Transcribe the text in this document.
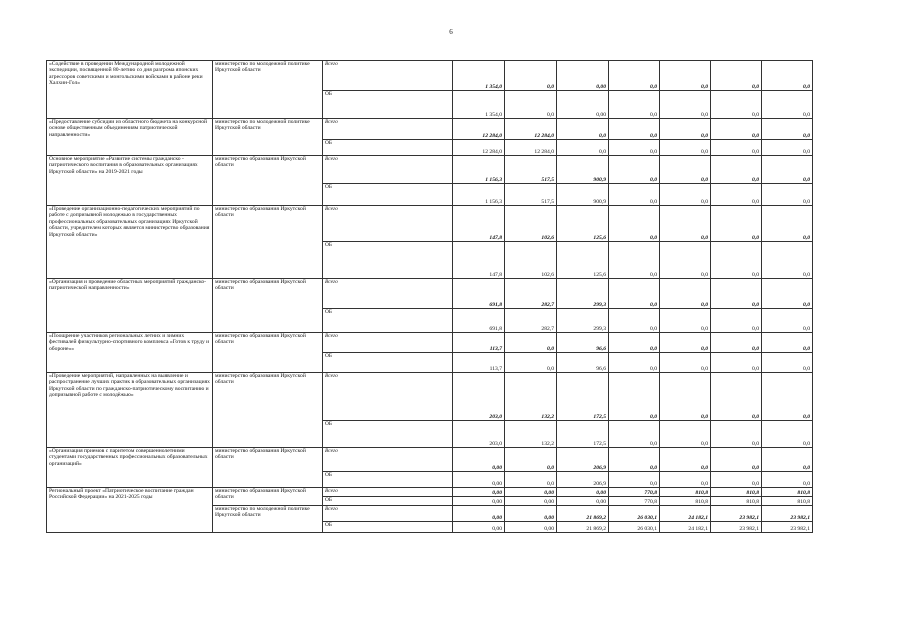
6
«Содействие в проведении Международной молодежной экспедиции, посвященной 80-летию со дня разгрома японских агрессоров советскими и монгольскими войсками в районе реки Халхин-Гол»	министерство по молодежной политике Иркутской области	Всего	1 354,0	0,0	0,00	0,0	0,0	0,0	0,0
		ОБ	1 354,0	0,0	0,00	0,0	0,0	0,0	0,0
«Предоставление субсидии из областного бюджета на конкурсной основе общественным объединениям патриотической направленности»	министерство по молодежной политике Иркутской области	Всего	12 284,0	12 284,0	0,0	0,0	0,0	0,0	0,0
		ОБ	12 284,0	12 284,0	0,0	0,0	0,0	0,0	0,0
Основное мероприятие «Развитие системы гражданско - патриотического воспитания в образовательных организациях Иркутской области» на 2019-2021 годы	министерство образования Иркутской области	Всего	1 156,3	517,5	900,9	0,0	0,0	0,0	0,0
		ОБ	1 156,3	517,5	900,9	0,0	0,0	0,0	0,0
«Проведение организационно-педагогических мероприятий по работе с допризывной молодежью в государственных профессиональных образовательных организациях Иркутской области, учредителем которых является министерство образования Иркутской области»	министерство образования Иркутской области	Всего	147,8	102,6	125,6	0,0	0,0	0,0	0,0
		ОБ	147,8	102,6	125,6	0,0	0,0	0,0	0,0
«Организация и проведение областных мероприятий гражданско-патриотической направленности»	министерство образования Иркутской области	Всего	691,8	282,7	299,3	0,0	0,0	0,0	0,0
		ОБ	691,8	282,7	299,3	0,0	0,0	0,0	0,0
«Поощрение участников региональных летних и зимних фестивалей физкультурно-спортивного комплекса «Готов к труду и обороне»»	министерство образования Иркутской области	Всего	113,7	0,0	96,6	0,0	0,0	0,0	0,0
		ОБ	113,7	0,0	96,6	0,0	0,0	0,0	0,0
«Проведение мероприятий, направленных на выявление и распространение лучших практик в образовательных организациях Иркутской области по гражданско-патриотическому воспитанию и допризывной работе с молодёжью»	министерство образования Иркутской области	Всего	203,0	132,2	172,5	0,0	0,0	0,0	0,0
		ОБ	203,0	132,2	172,5	0,0	0,0	0,0	0,0
«Организация приемов с паритетом совершеннолетними студентами государственных профессиональных образовательных организаций»	министерство образования Иркутской области	Всего	0,00	0,0	206,9	0,0	0,0	0,0	0,0
		ОБ	0,00	0,0	206,9	0,0	0,0	0,0	0,0
Региональный проект «Патриотическое воспитание граждан Российской Федерации» на 2021-2025 годы	министерство образования Иркутской области	Всего	0,00	0,00	0,00	770,8	810,8	810,8	810,8
		ОБ	0,00	0,00	0,00	770,8	810,8	810,8	810,8
	министерство по молодежной политике Иркутской области	Всего	0,00	0,00	21 869,2	26 030,1	24 182,1	23 982,1	23 982,1
		ОБ	0,00	0,00	21 869,2	26 030,1	24 182,1	23 982,1	23 982,1
